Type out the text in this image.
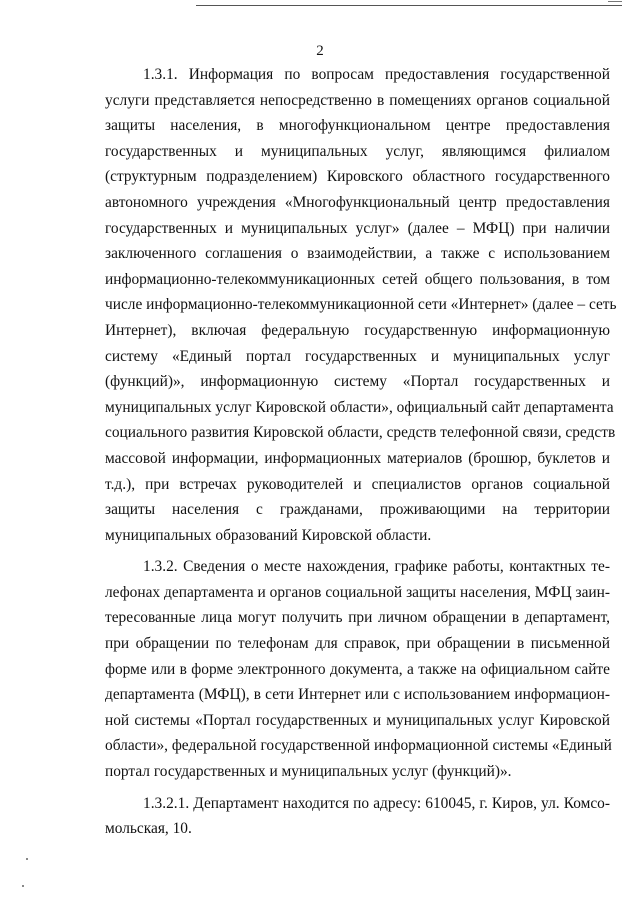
2
1.3.1. Информация по вопросам предоставления государственной
услуги представляется непосредственно в помещениях органов социальной
защиты населения, в многофункциональном центре предоставления
государственных и муниципальных услуг, являющимся филиалом
(структурным подразделением) Кировского областного государственного
автономного учреждения «Многофункциональный центр предоставления
государственных и муниципальных услуг» (далее – МФЦ) при наличии
заключенного соглашения о взаимодействии, а также с использованием
информационно-телекоммуникационных сетей общего пользования, в том
числе информационно-телекоммуникационной сети «Интернет» (далее – сеть
Интернет), включая федеральную государственную информационную
систему «Единый портал государственных и муниципальных услуг
(функций)», информационную систему «Портал государственных и
муниципальных услуг Кировской области», официальный сайт департамента
социального развития Кировской области, средств телефонной связи, средств
массовой информации, информационных материалов (брошюр, буклетов и
т.д.), при встречах руководителей и специалистов органов социальной
защиты населения с гражданами, проживающими на территории
муниципальных образований Кировской области.
1.3.2. Сведения о месте нахождения, графике работы, контактных те-
лефонах департамента и органов социальной защиты населения, МФЦ заин-
тересованные лица могут получить при личном обращении в департамент,
при обращении по телефонам для справок, при обращении в письменной
форме или в форме электронного документа, а также на официальном сайте
департамента (МФЦ), в сети Интернет или с использованием информацион-
ной системы «Портал государственных и муниципальных услуг Кировской
области», федеральной государственной информационной системы «Единый
портал государственных и муниципальных услуг (функций)».
1.3.2.1. Департамент находится по адресу: 610045, г. Киров, ул. Комсо-
мольская, 10.
